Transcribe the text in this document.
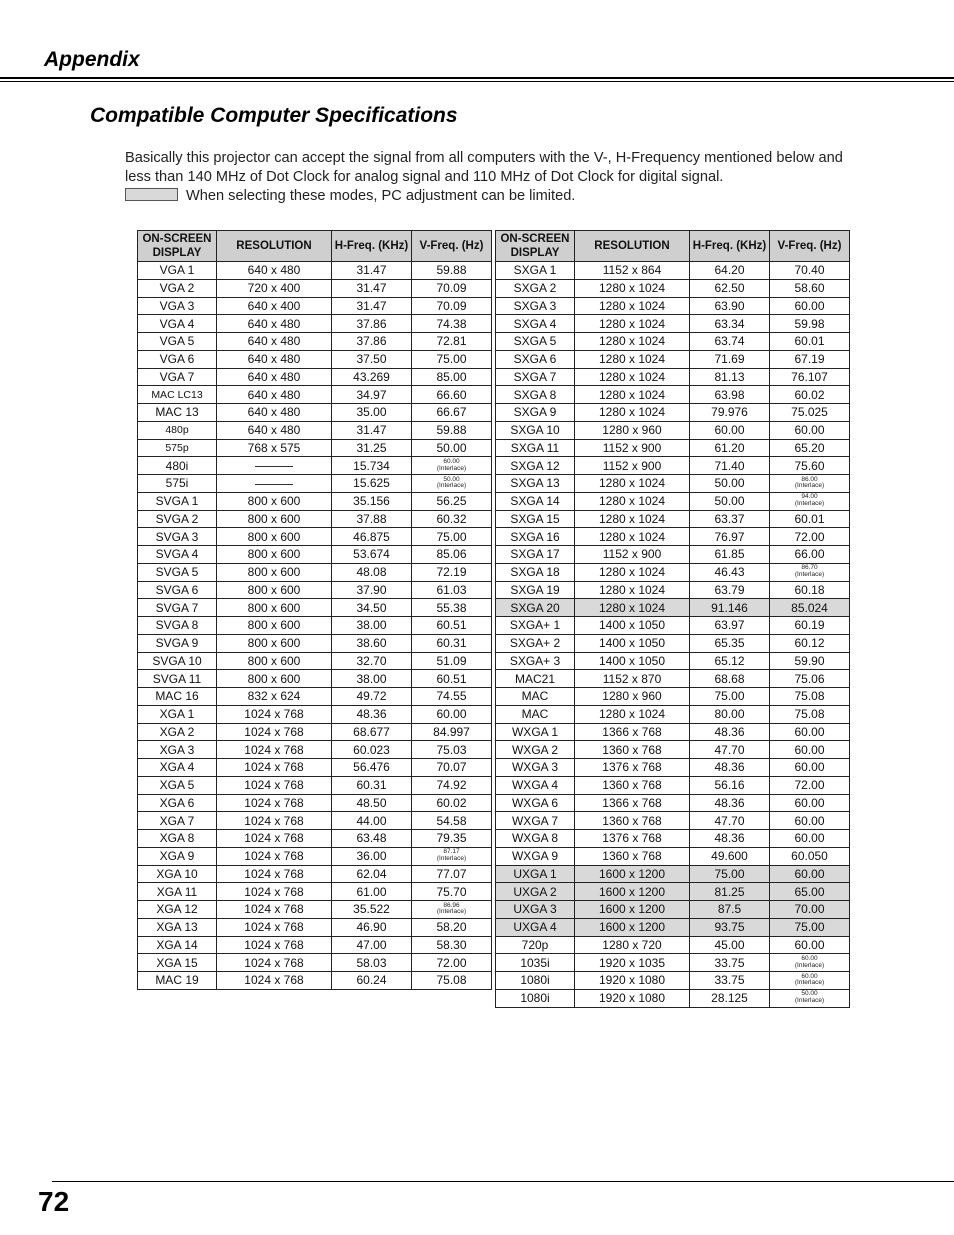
Appendix
Compatible Computer Specifications
Basically this projector can accept the signal from all computers with the V-, H-Frequency mentioned below and less than 140 MHz of Dot Clock for analog signal and 110 MHz of Dot Clock for digital signal.
When selecting these modes, PC adjustment can be limited.
ON-SCREEN DISPLAY	RESOLUTION	H-Freq. (KHz)	V-Freq. (Hz)
VGA 1	640 x 480	31.47	59.88
VGA 2	720 x 400	31.47	70.09
VGA 3	640 x 400	31.47	70.09
VGA 4	640 x 480	37.86	74.38
VGA 5	640 x 480	37.86	72.81
VGA 6	640 x 480	37.50	75.00
VGA 7	640 x 480	43.269	85.00
MAC LC13	640 x 480	34.97	66.60
MAC 13	640 x 480	35.00	66.67
480p	640 x 480	31.47	59.88
575p	768 x 575	31.25	50.00
480i		15.734	60.00
(Interlace)

575i		15.625	50.00
(Interlace)

SVGA 1	800 x 600	35.156	56.25
SVGA 2	800 x 600	37.88	60.32
SVGA 3	800 x 600	46.875	75.00
SVGA 4	800 x 600	53.674	85.06
SVGA 5	800 x 600	48.08	72.19
SVGA 6	800 x 600	37.90	61.03
SVGA 7	800 x 600	34.50	55.38
SVGA 8	800 x 600	38.00	60.51
SVGA 9	800 x 600	38.60	60.31
SVGA 10	800 x 600	32.70	51.09
SVGA 11	800 x 600	38.00	60.51
MAC 16	832 x 624	49.72	74.55
XGA 1	1024 x 768	48.36	60.00
XGA 2	1024 x 768	68.677	84.997
XGA 3	1024 x 768	60.023	75.03
XGA 4	1024 x 768	56.476	70.07
XGA 5	1024 x 768	60.31	74.92
XGA 6	1024 x 768	48.50	60.02
XGA 7	1024 x 768	44.00	54.58
XGA 8	1024 x 768	63.48	79.35
XGA 9	1024 x 768	36.00	87.17
(Interlace)

XGA 10	1024 x 768	62.04	77.07
XGA 11	1024 x 768	61.00	75.70
XGA 12	1024 x 768	35.522	86.96
(Interlace)

XGA 13	1024 x 768	46.90	58.20
XGA 14	1024 x 768	47.00	58.30
XGA 15	1024 x 768	58.03	72.00
MAC 19	1024 x 768	60.24	75.08
ON-SCREEN DISPLAY	RESOLUTION	H-Freq. (KHz)	V-Freq. (Hz)
SXGA 1	1152 x 864	64.20	70.40
SXGA 2	1280 x 1024	62.50	58.60
SXGA 3	1280 x 1024	63.90	60.00
SXGA 4	1280 x 1024	63.34	59.98
SXGA 5	1280 x 1024	63.74	60.01
SXGA 6	1280 x 1024	71.69	67.19
SXGA 7	1280 x 1024	81.13	76.107
SXGA 8	1280 x 1024	63.98	60.02
SXGA 9	1280 x 1024	79.976	75.025
SXGA 10	1280 x 960	60.00	60.00
SXGA 11	1152 x 900	61.20	65.20
SXGA 12	1152 x 900	71.40	75.60
SXGA 13	1280 x 1024	50.00	86.00
(Interlace)

SXGA 14	1280 x 1024	50.00	94.00
(Interlace)

SXGA 15	1280 x 1024	63.37	60.01
SXGA 16	1280 x 1024	76.97	72.00
SXGA 17	1152 x 900	61.85	66.00
SXGA 18	1280 x 1024	46.43	86.70
(Interlace)

SXGA 19	1280 x 1024	63.79	60.18
SXGA 20	1280 x 1024	91.146	85.024
SXGA+ 1	1400 x 1050	63.97	60.19
SXGA+ 2	1400 x 1050	65.35	60.12
SXGA+ 3	1400 x 1050	65.12	59.90
MAC21	1152 x 870	68.68	75.06
MAC	1280 x 960	75.00	75.08
MAC	1280 x 1024	80.00	75.08
WXGA 1	1366 x 768	48.36	60.00
WXGA 2	1360 x 768	47.70	60.00
WXGA 3	1376 x 768	48.36	60.00
WXGA 4	1360 x 768	56.16	72.00
WXGA 6	1366 x 768	48.36	60.00
WXGA 7	1360 x 768	47.70	60.00
WXGA 8	1376 x 768	48.36	60.00
WXGA 9	1360 x 768	49.600	60.050
UXGA 1	1600 x 1200	75.00	60.00
UXGA 2	1600 x 1200	81.25	65.00
UXGA 3	1600 x 1200	87.5	70.00
UXGA 4	1600 x 1200	93.75	75.00
720p	1280 x 720	45.00	60.00
1035i	1920 x 1035	33.75	60.00
(Interlace)

1080i	1920 x 1080	33.75	60.00
(Interlace)

1080i	1920 x 1080	28.125	50.00
(Interlace)
72
